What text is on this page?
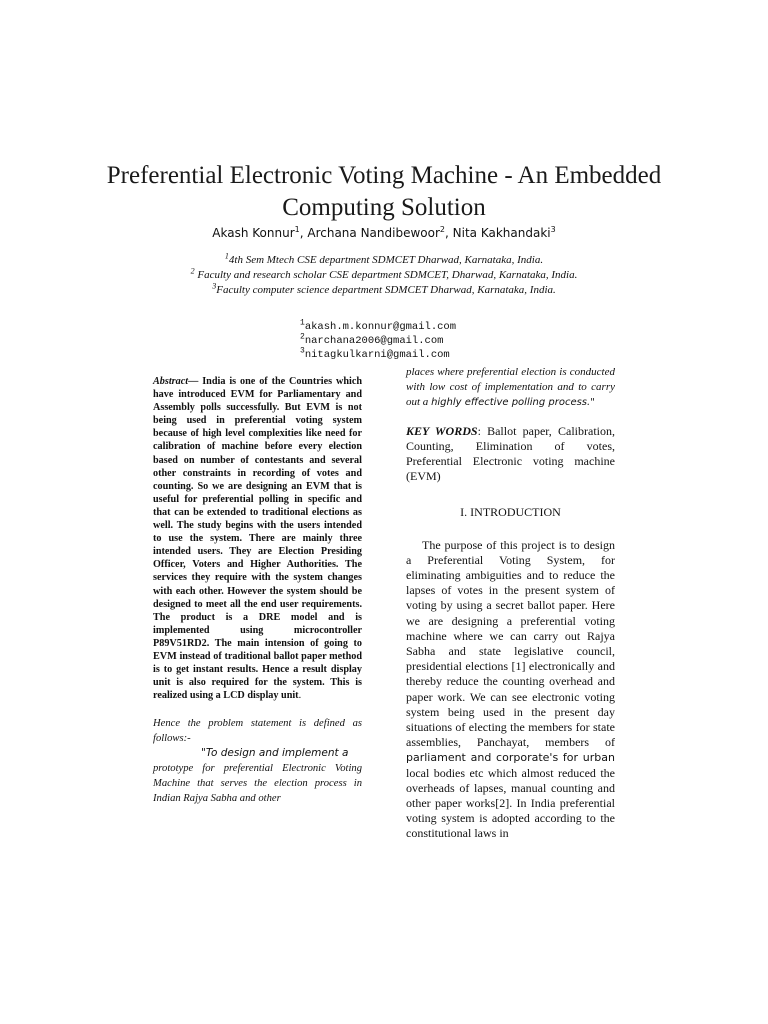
Preferential Electronic Voting Machine - An Embedded Computing Solution
Akash Konnur$^1$, Archana Nandibewoor$^2$, Nita Kakhandaki$^3$
$^1$4th Sem Mtech CSE department SDMCET Dharwad, Karnataka, India.
$^2$ Faculty and research scholar CSE department SDMCET, Dharwad, Karnataka, India.
$^3$Faculty computer science department SDMCET Dharwad, Karnataka, India.
$^1$akash.m.konnur@gmail.com
$^2$narchana2006@gmail.com
$^3$nitagkulkarni@gmail.com
Abstract— India is one of the Countries which have introduced EVM for Parliamentary and Assembly polls successfully. But EVM is not being used in preferential voting system because of high level complexities like need for calibration of machine before every election based on number of contestants and several other constraints in recording of votes and counting. So we are designing an EVM that is useful for preferential polling in specific and that can be extended to traditional elections as well. The study begins with the users intended to use the system. There are mainly three intended users. They are Election Presiding Officer, Voters and Higher Authorities. The services they require with the system changes with each other. However the system should be designed to meet all the end user requirements. The product is a DRE model and is implemented using microcontroller P89V51RD2. The main intension of going to EVM instead of traditional ballot paper method is to get instant results. Hence a result display unit is also required for the system. This is realized using a LCD display unit.
Hence the problem statement is defined as follows:-
"To design and implement a
prototype for preferential Electronic Voting Machine that serves the election process in Indian Rajya Sabha and other
places where preferential election is conducted with low cost of implementation and to carry out a highly effective polling process."
KEY WORDS: Ballot paper, Calibration, Counting, Elimination of votes, Preferential Electronic voting machine (EVM)
I. INTRODUCTION
The purpose of this project is to design a Preferential Voting System, for eliminating ambiguities and to reduce the lapses of votes in the present system of voting by using a secret ballot paper. Here we are designing a preferential voting machine where we can carry out Rajya Sabha and state legislative council, presidential elections [1] electronically and thereby reduce the counting overhead and paper work. We can see electronic voting system being used in the present day situations of electing the members for state assemblies, Panchayat, members of parliament and corporate's for urban local bodies etc which almost reduced the overheads of lapses, manual counting and other paper works[2]. In India preferential voting system is adopted according to the constitutional laws in
